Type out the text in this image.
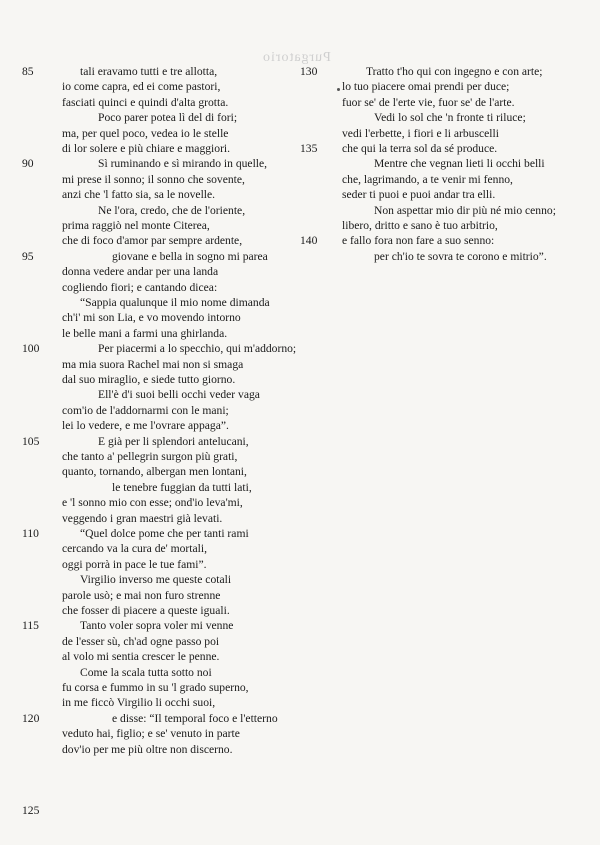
Purgatorio
tali eravamo tutti e tre allotta,
io come capra, ed ei come pastori,
fasciati quinci e quindi d'alta grotta.
Poco parer potea lì del di fori;
ma, per quel poco, vedea io le stelle
di lor solere e più chiare e maggiori.
Sì ruminando e sì mirando in quelle,
mi prese il sonno; il sonno che sovente,
anzi che 'l fatto sia, sa le novelle.
Ne l'ora, credo, che de l'oriente,
prima raggiò nel monte Citerea,
che di foco d'amor par sempre ardente,
giovane e bella in sogno mi parea
donna vedere andar per una landa
cogliendo fiori; e cantando dicea:
“Sappia qualunque il mio nome dimanda
ch'i' mi son Lia, e vo movendo intorno
le belle mani a farmi una ghirlanda.
Per piacermi a lo specchio, qui m'addorno;
ma mia suora Rachel mai non si smaga
dal suo miraglio, e siede tutto giorno.
Ell'è d'i suoi belli occhi veder vaga
com'io de l'addornarmi con le mani;
lei lo vedere, e me l'ovrare appaga”.
E già per li splendori antelucani,
che tanto a' pellegrin surgon più grati,
quanto, tornando, albergan men lontani,
le tenebre fuggian da tutti lati,
e 'l sonno mio con esse; ond'io leva'mi,
veggendo i gran maestri già levati.
“Quel dolce pome che per tanti rami
cercando va la cura de' mortali,
oggi porrà in pace le tue fami”.
Virgilio inverso me queste cotali
parole usò; e mai non furo strenne
che fosser di piacere a queste iguali.
Tanto voler sopra voler mi venne
de l'esser sù, ch'ad ogne passo poi
al volo mi sentia crescer le penne.
Come la scala tutta sotto noi
fu corsa e fummo in su 'l grado superno,
in me ficcò Virgilio li occhi suoi,
e disse: “Il temporal foco e l'etterno
veduto hai, figlio; e se' venuto in parte
dov'io per me più oltre non discerno.
85
90
95
100
105
110
115
120
125
Tratto t'ho qui con ingegno e con arte;
lo tuo piacere omai prendi per duce;
fuor se' de l'erte vie, fuor se' de l'arte.
Vedi lo sol che 'n fronte ti riluce;
vedi l'erbette, i fiori e li arbuscelli
che qui la terra sol da sé produce.
Mentre che vegnan lieti li occhi belli
che, lagrimando, a te venir mi fenno,
seder ti puoi e puoi andar tra elli.
Non aspettar mio dir più né mio cenno;
libero, dritto e sano è tuo arbitrio,
e fallo fora non fare a suo senno:
per ch'io te sovra te corono e mitrio”.
130
135
140
